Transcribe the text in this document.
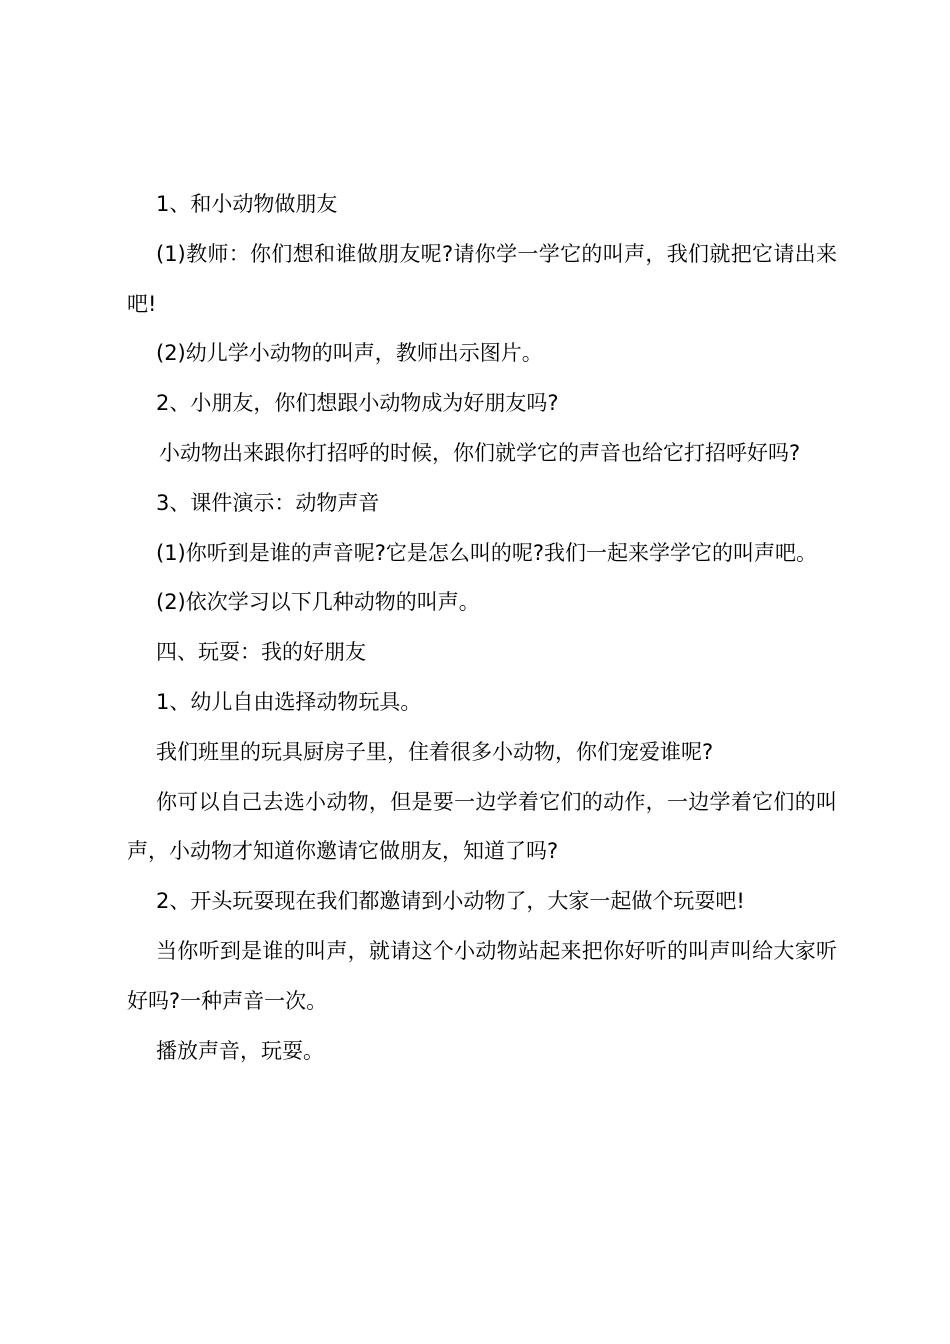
1、和小动物做朋友

(1)教师：你们想和谁做朋友呢?请你学一学它的叫声，我们就把它请出来吧!

(2)幼儿学小动物的叫声，教师出示图片。

2、小朋友，你们想跟小动物成为好朋友吗?

小动物出来跟你打招呼的时候，你们就学它的声音也给它打招呼好吗?

3、课件演示：动物声音

(1)你听到是谁的声音呢?它是怎么叫的呢?我们一起来学学它的叫声吧。

(2)依次学习以下几种动物的叫声。

四、玩耍：我的好朋友

1、幼儿自由选择动物玩具。

我们班里的玩具厨房子里，住着很多小动物，你们宠爱谁呢?

你可以自己去选小动物，但是要一边学着它们的动作，一边学着它们的叫声，小动物才知道你邀请它做朋友，知道了吗?

2、开头玩耍现在我们都邀请到小动物了，大家一起做个玩耍吧!

当你听到是谁的叫声，就请这个小动物站起来把你好听的叫声叫给大家听好吗?一种声音一次。

播放声音，玩耍。
